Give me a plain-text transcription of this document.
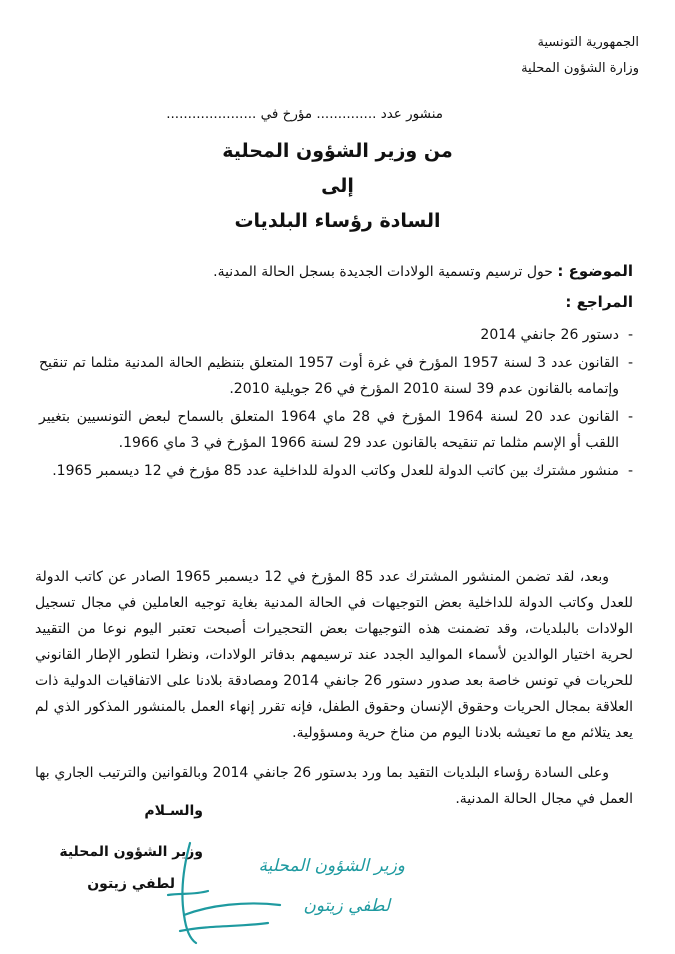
الجمهورية التونسية
وزارة الشؤون المحلية
منشور عدد .............. مؤرخ في .....................
من وزير الشؤون المحلية
إلى
السادة رؤساء البلديات
الموضوع : حول ترسيم وتسمية الولادات الجديدة بسجل الحالة المدنية.
المراجع :
- دستور 26 جانفي 2014
- القانون عدد 3 لسنة 1957 المؤرخ في غرة أوت 1957 المتعلق بتنظيم الحالة المدنية مثلما تم تنقيح وإتمامه بالقانون عدم 39 لسنة 2010 المؤرخ في 26 جويلية 2010.
- القانون عدد 20 لسنة 1964 المؤرخ في 28 ماي 1964 المتعلق بالسماح لبعض التونسيين بتغيير اللقب أو الإسم مثلما تم تنقيحه بالقانون عدد 29 لسنة 1966 المؤرخ في 3 ماي 1966.
- منشور مشترك بين كاتب الدولة للعدل وكاتب الدولة للداخلية عدد 85 مؤرخ في 12 ديسمبر 1965.

وبعد، لقد تضمن المنشور المشترك عدد 85 المؤرخ في 12 ديسمبر 1965 الصادر عن كاتب الدولة للعدل وكاتب الدولة للداخلية بعض التوجيهات في الحالة المدنية بغاية توجيه العاملين في مجال تسجيل الولادات بالبلديات، وقد تضمنت هذه التوجيهات بعض التحجيرات أصبحت تعتبر اليوم نوعا من التقييد لحرية اختيار الوالدين لأسماء المواليد الجدد عند ترسيمهم بدفاتر الولادات، ونظرا لتطور الإطار القانوني للحريات في تونس خاصة بعد صدور دستور 26 جانفي 2014 ومصادقة بلادنا على الاتفاقيات الدولية ذات العلاقة بمجال الحريات وحقوق الإنسان وحقوق الطفل، فإنه تقرر إنهاء العمل بالمنشور المذكور الذي لم يعد يتلائم مع ما تعيشه بلادنا اليوم من مناخ حرية ومسؤولية.

وعلى السادة رؤساء البلديات التقيد بما ورد بدستور 26 جانفي 2014 وبالقوانين والترتيب الجاري بها العمل في مجال الحالة المدنية.

والسـلام
وزير الشؤون المحلية
لطفي زيتون
وزير الشؤون المحلية
لطفي زيتون
